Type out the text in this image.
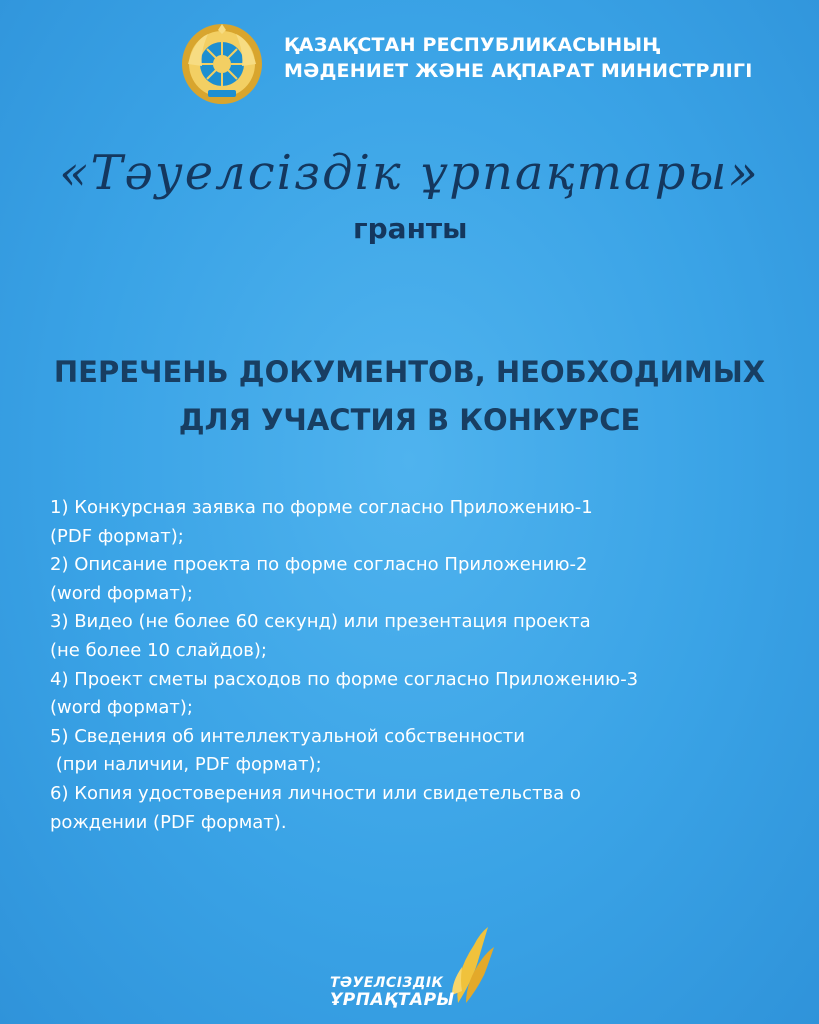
ҚАЗАҚСТАН РЕСПУБЛИКАСЫНЫҢ
МӘДЕНИЕТ ЖӘНЕ АҚПАРАТ МИНИСТРЛІГІ
«Тәуелсіздік ұрпақтары»
гранты
ПЕРЕЧЕНЬ ДОКУМЕНТОВ, НЕОБХОДИМЫХ
ДЛЯ УЧАСТИЯ В КОНКУРСЕ
1) Конкурсная заявка по форме согласно Приложению-1
(PDF формат);
2) Описание проекта по форме согласно Приложению-2
(word формат);
3) Видео (не более 60 секунд) или презентация проекта
(не более 10 слайдов);
4) Проект сметы расходов по форме согласно Приложению-3
(word формат);
5) Сведения об интеллектуальной собственности
(при наличии, PDF формат);
6) Копия удостоверения личности или свидетельства о
рождении (PDF формат).
ТӘУЕЛСІЗДІК
ҰРПАҚТАРЫ
